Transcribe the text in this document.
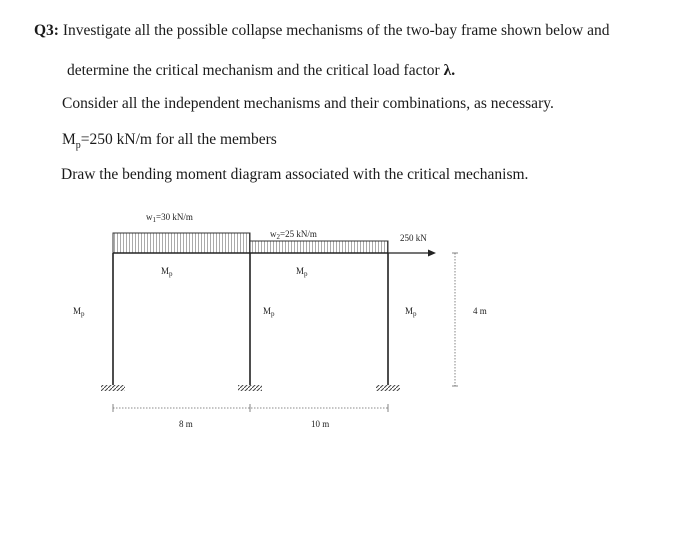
Q3: Investigate all the possible collapse mechanisms of the two-bay frame shown below and
determine the critical mechanism and the critical load factor λ.
Consider all the independent mechanisms and their combinations, as necessary.
$M_p=250$ kN/m for all the members
Draw the bending moment diagram associated with the critical mechanism.
$w_1=30$ kN/m
$w_2=25$ kN/m	250 kN
$M_p$	$M_p$
$M_p$	$M_p$	$M_p$	4 m
8 m	10 m
